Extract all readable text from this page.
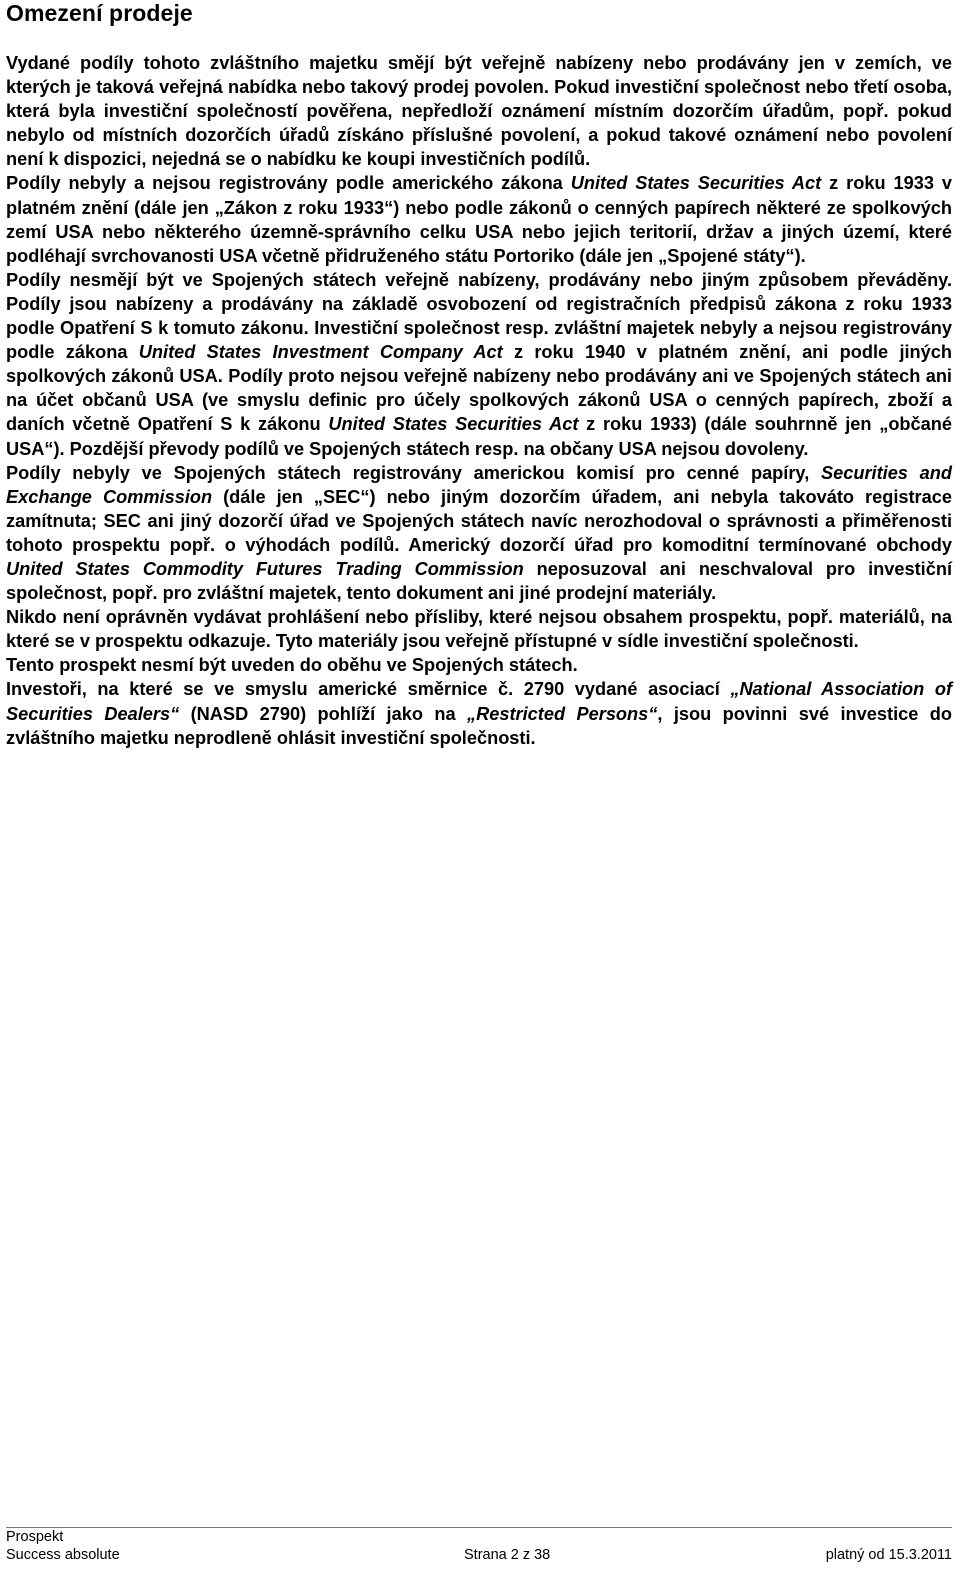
Omezení prodeje

Vydané podíly tohoto zvláštního majetku smějí být veřejně nabízeny nebo prodávány jen v zemích, ve kterých je taková veřejná nabídka nebo takový prodej povolen. Pokud investiční společnost nebo třetí osoba, která byla investiční společností pověřena, nepředloží oznámení místním dozorčím úřadům, popř. pokud nebylo od místních dozorčích úřadů získáno příslušné povolení, a pokud takové oznámení nebo povolení není k dispozici, nejedná se o nabídku ke koupi investičních podílů.

Podíly nebyly a nejsou registrovány podle amerického zákona United States Securities Act z roku 1933 v platném znění (dále jen „Zákon z roku 1933“) nebo podle zákonů o cenných papírech některé ze spolkových zemí USA nebo některého územně-správního celku USA nebo jejich teritorií, držav a jiných území, které podléhají svrchovanosti USA včetně přidruženého státu Portoriko (dále jen „Spojené státy“).

Podíly nesmějí být ve Spojených státech veřejně nabízeny, prodávány nebo jiným způsobem převáděny. Podíly jsou nabízeny a prodávány na základě osvobození od registračních předpisů zákona z roku 1933 podle Opatření S k tomuto zákonu. Investiční společnost resp. zvláštní majetek nebyly a nejsou registrovány podle zákona United States Investment Company Act z roku 1940 v platném znění, ani podle jiných spolkových zákonů USA. Podíly proto nejsou veřejně nabízeny nebo prodávány ani ve Spojených státech ani na účet občanů USA (ve smyslu definic pro účely spolkových zákonů USA o cenných papírech, zboží a daních včetně Opatření S k zákonu United States Securities Act z roku 1933) (dále souhrnně jen „občané USA“). Pozdější převody podílů ve Spojených státech resp. na občany USA nejsou dovoleny.

Podíly nebyly ve Spojených státech registrovány americkou komisí pro cenné papíry, Securities and Exchange Commission (dále jen „SEC“) nebo jiným dozorčím úřadem, ani nebyla takováto registrace zamítnuta; SEC ani jiný dozorčí úřad ve Spojených státech navíc nerozhodoval o správnosti a přiměřenosti tohoto prospektu popř. o výhodách podílů. Americký dozorčí úřad pro komoditní termínované obchody United States Commodity Futures Trading Commission neposuzoval ani neschvaloval pro investiční společnost, popř. pro zvláštní majetek, tento dokument ani jiné prodejní materiály.

Nikdo není oprávněn vydávat prohlášení nebo přísliby, které nejsou obsahem prospektu, popř. materiálů, na které se v prospektu odkazuje. Tyto materiály jsou veřejně přístupné v sídle investiční společnosti.

Tento prospekt nesmí být uveden do oběhu ve Spojených státech.

Investoři, na které se ve smyslu americké směrnice č. 2790 vydané asociací „National Association of Securities Dealers“ (NASD 2790) pohlíží jako na „Restricted Persons“, jsou povinni své investice do zvláštního majetku neprodleně ohlásit investiční společnosti.

Prospekt
Success absolute	Strana 2 z 38	platný od 15.3.2011
